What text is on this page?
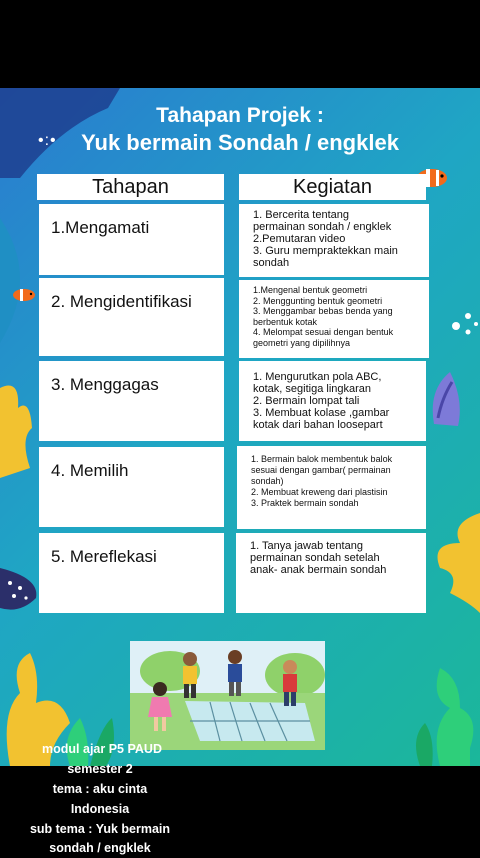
Tahapan Projek :
Yuk bermain Sondah / engklek
•:•
Tahapan	Kegiatan
1.Mengamati
1. Bercerita tentang
permainan sondah / engklek
2.Pemutaran video
3. Guru mempraktekkan main
sondah
2. Mengidentifikasi
1.Mengenal bentuk geometri
2. Menggunting bentuk geometri
3. Menggambar bebas benda yang
berbentuk kotak
4. Melompat sesuai dengan bentuk
geometri yang dipilihnya
3. Menggagas	1. Mengurutkan pola ABC,
kotak, segitiga lingkaran
2. Bermain lompat tali
3. Membuat kolase ,gambar
kotak dari bahan loosepart
4. Memilih
1. Bermain balok membentuk balok
sesuai dengan gambar( permainan
sondah)
2. Membuat kreweng dari plastisin
3. Praktek bermain sondah
5. Mereflekasi
1. Tanya jawab tentang
permainan sondah setelah
anak- anak bermain sondah
modul ajar P5 PAUD
semester 2
tema : aku cinta
Indonesia
sub tema : Yuk bermain
sondah / engklek
